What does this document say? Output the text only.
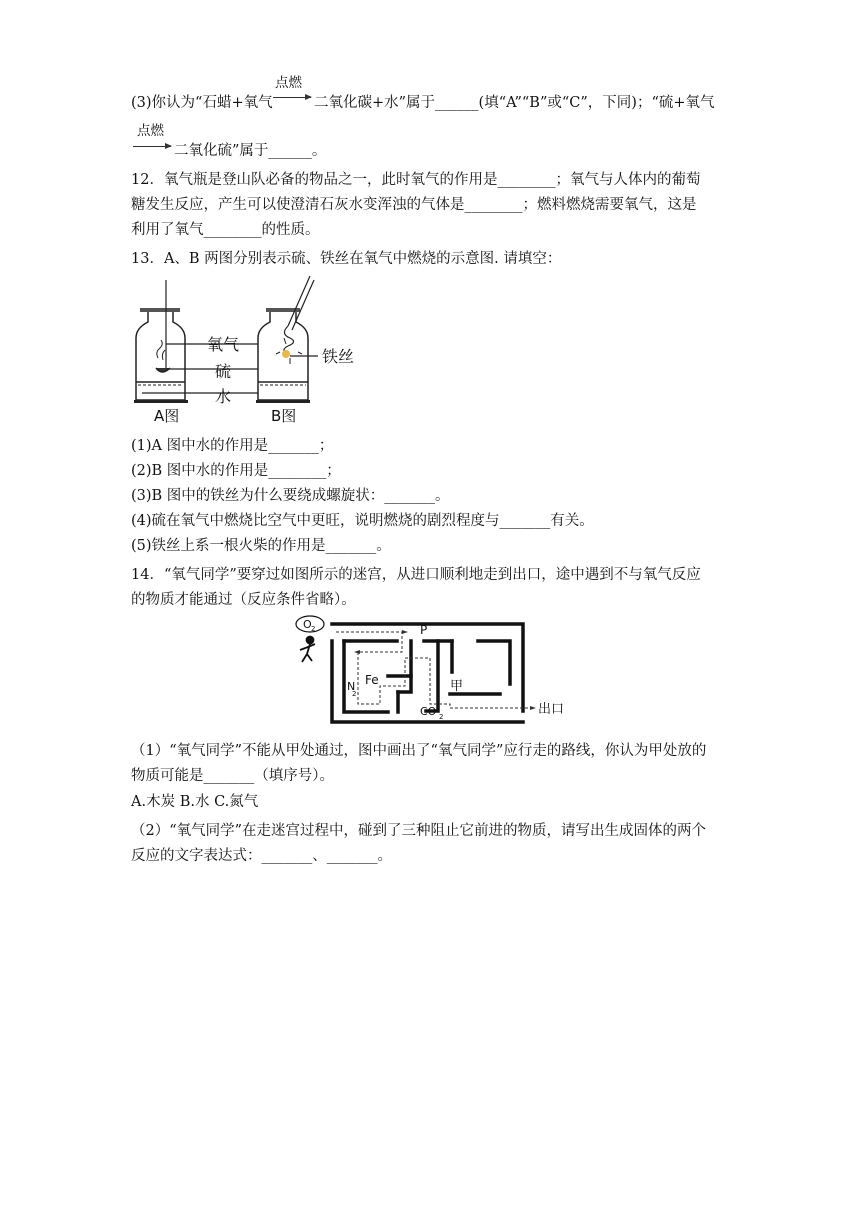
点燃
(3)你认为“石蜡+氧气 → 二氧化碳+水”属于______(填“A”“B”或“C”，下同)；“硫+氧气
点燃
→ 二氧化硫”属于______。
12．氧气瓶是登山队必备的物品之一，此时氧气的作用是________；氧气与人体内的葡萄
糖发生反应，产生可以使澄清石灰水变浑浊的气体是________；燃料燃烧需要氧气，这是
利用了氧气________的性质。
13．A、B 两图分别表示硫、铁丝在氧气中燃烧的示意图. 请填空：
氧气
硫
水
铁丝
A图	B图
(1)A 图中水的作用是_______；
(2)B 图中水的作用是________；
(3)B 图中的铁丝为什么要绕成螺旋状：_______。
(4)硫在氧气中燃烧比空气中更旺，说明燃烧的剧烈程度与_______有关。
(5)铁丝上系一根火柴的作用是_______。
14．“氧气同学”要穿过如图所示的迷宫，从进口顺利地走到出口，途中遇到不与氧气反应
的物质才能通过（反应条件省略）。
O 2	P
N
2
Fe	甲
CO 2	出口
（1）“氧气同学”不能从甲处通过，图中画出了“氧气同学”应行走的路线，你认为甲处放的
物质可能是_______（填序号）。
A.木炭 B.水 C.氮气
（2）“氧气同学”在走迷宫过程中，碰到了三种阻止它前进的物质，请写出生成固体的两个
反应的文字表达式：_______、_______。
